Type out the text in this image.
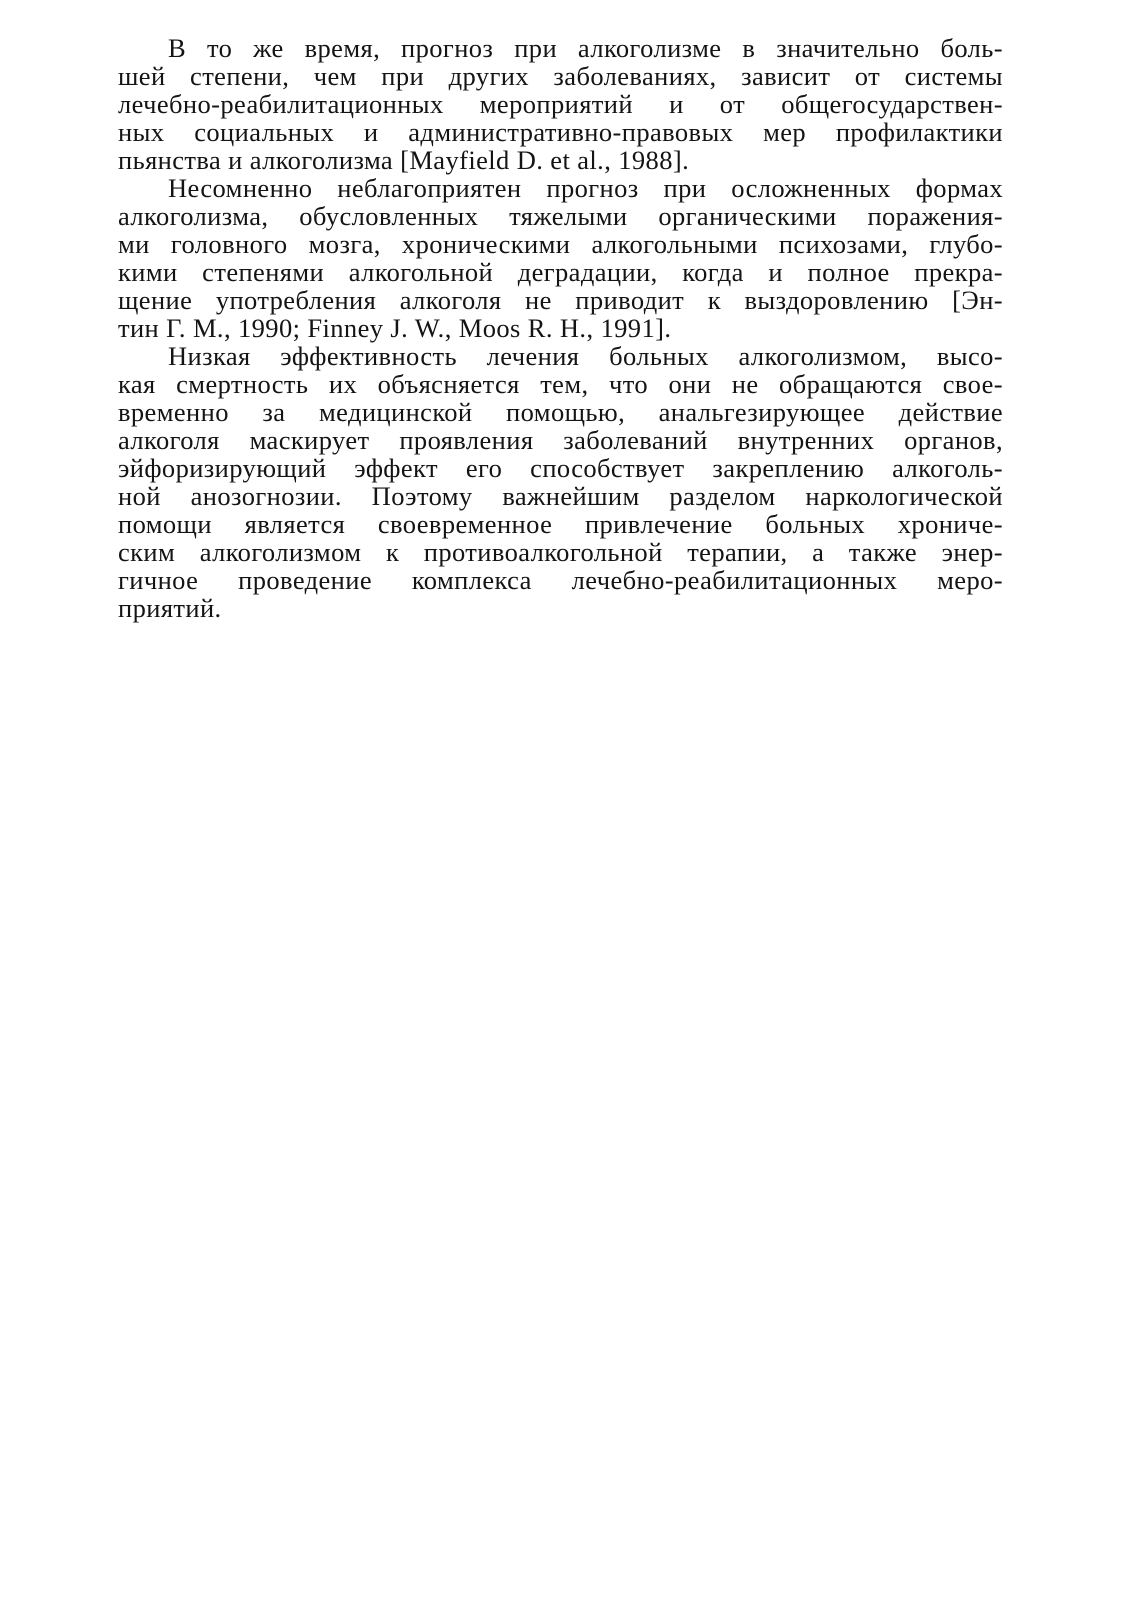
В то же время, прогноз при алкоголизме в значительно боль-
шей степени, чем при других заболеваниях, зависит от системы
лечебно-реабилитационных мероприятий и от общегосударствен-
ных социальных и административно-правовых мер профилактики
пьянства и алкоголизма [Mayfield D. et al., 1988].
Несомненно неблагоприятен прогноз при осложненных формах
алкоголизма, обусловленных тяжелыми органическими поражения-
ми головного мозга, хроническими алкогольными психозами, глубо-
кими степенями алкогольной деградации, когда и полное прекра-
щение употребления алкоголя не приводит к выздоровлению [Эн-
тин Г. М., 1990; Finney J. W., Moos R. H., 1991].
Низкая эффективность лечения больных алкоголизмом, высо-
кая смертность их объясняется тем, что они не обращаются свое-
временно за медицинской помощью, анальгезирующее действие
алкоголя маскирует проявления заболеваний внутренних органов,
эйфоризирующий эффект его способствует закреплению алкоголь-
ной анозогнозии. Поэтому важнейшим разделом наркологической
помощи является своевременное привлечение больных хрониче-
ским алкоголизмом к противоалкогольной терапии, а также энер-
гичное проведение комплекса лечебно-реабилитационных меро-
приятий.
